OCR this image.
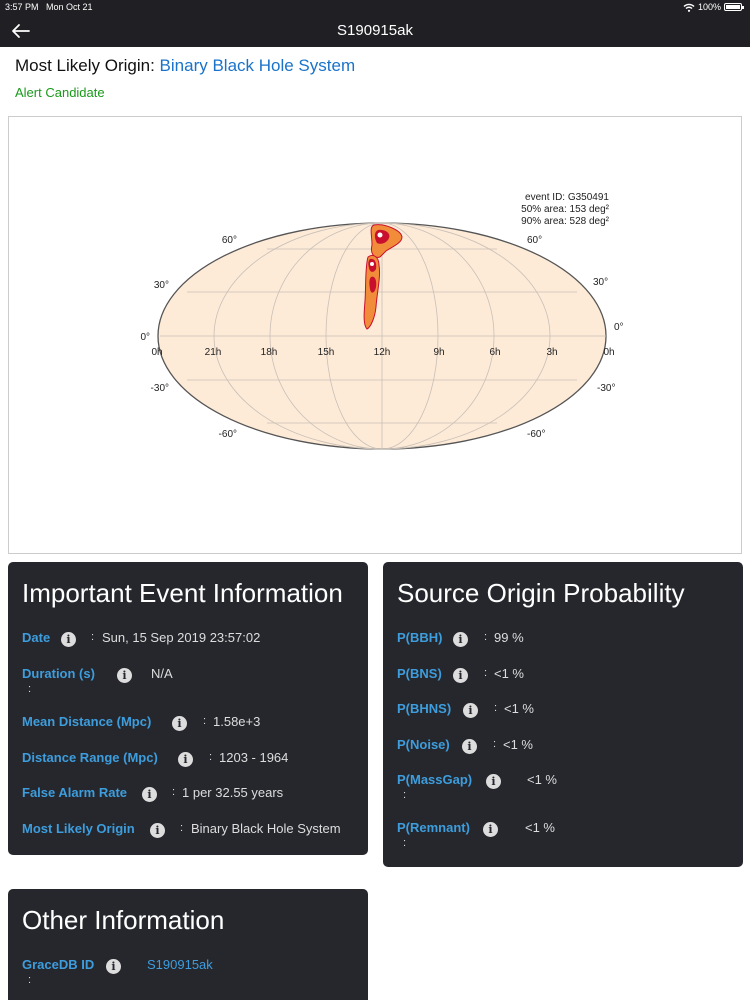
3:57 PM Mon Oct 21	100%
S190915ak
Most Likely Origin: Binary Black Hole System
Alert Candidate
event ID: G350491
50% area: 153 deg²
90% area: 528 deg²
0h	21h	18h	15h	12h	9h	6h	3h	0h
60°
30°
0°
-30°
-60°
60°
30°
0°
-30°
-60°
Important Event Information
Date	i	: Sun, 15 Sep 2019 23:57:02
Duration (s)	i	N/A
:
Mean Distance (Mpc)	i	: 1.58e+3
Distance Range (Mpc)	i	: 1203 - 1964
False Alarm Rate	i	: 1 per 32.55 years
Most Likely Origin	i	: Binary Black Hole System
Source Origin Probability
P(BBH)	i	: 99 %
P(BNS)	i	: <1 %
P(BHNS)	i	: <1 %
P(Noise)	i	: <1 %
P(MassGap)	i	<1 %
:
P(Remnant)	i	<1 %
:
Other Information
GraceDB ID	i	S190915ak
:
